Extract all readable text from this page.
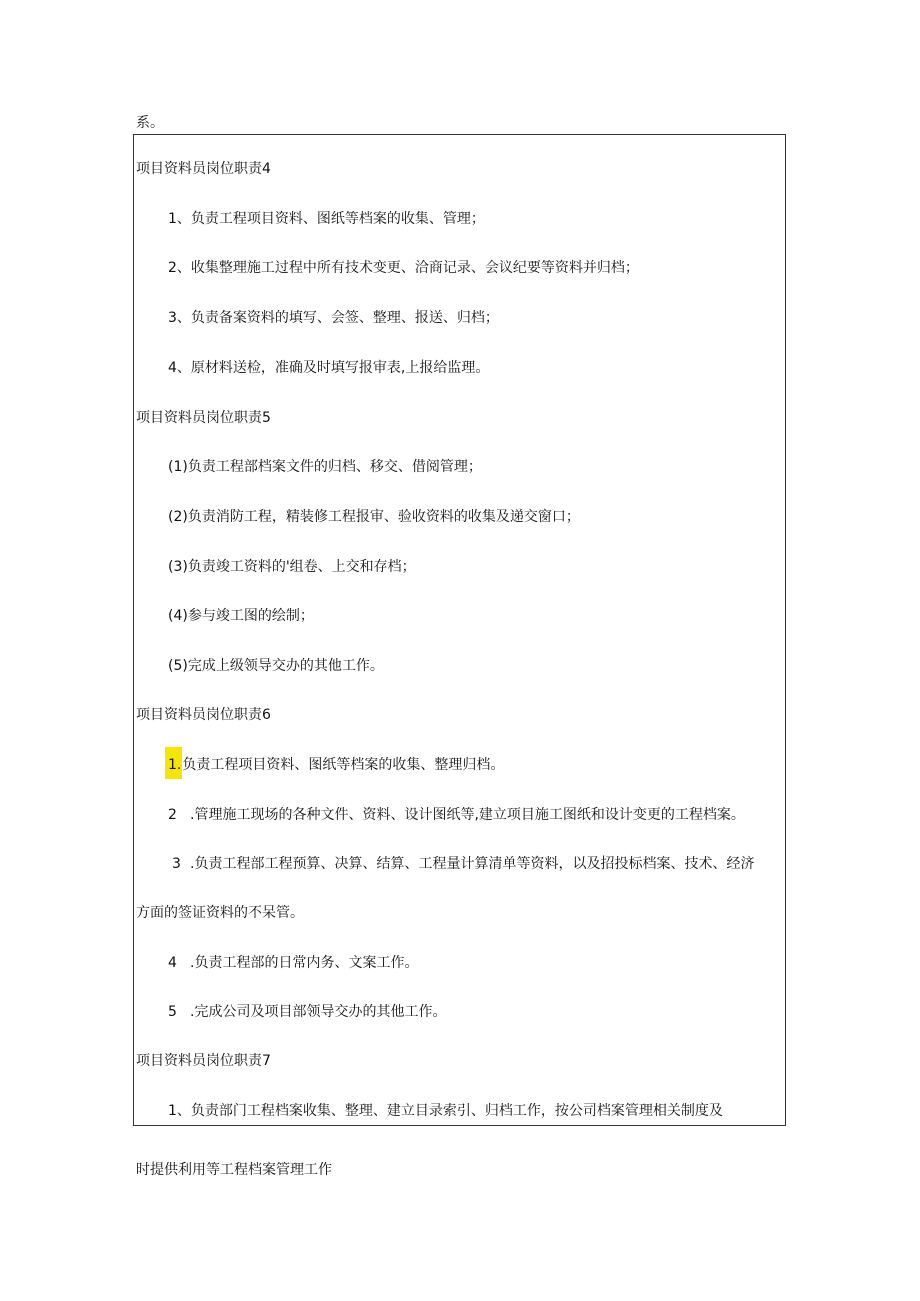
系。
项目资料员岗位职责4
1、负责工程项目资料、图纸等档案的收集、管理；
2、收集整理施工过程中所有技术变更、洽商记录、会议纪要等资料并归档；
3、负责备案资料的填写、会签、整理、报送、归档；
4、原材料送检，准确及时填写报审表,上报给监理。
项目资料员岗位职责5
(1)负责工程部档案文件的归档、移交、借阅管理；
(2)负责消防工程，精装修工程报审、验收资料的收集及递交窗口；
(3)负责竣工资料的'组卷、上交和存档；
(4)参与竣工图的绘制；
(5)完成上级领导交办的其他工作。
项目资料员岗位职责6
1.负责工程项目资料、图纸等档案的收集、整理归档。
2 .管理施工现场的各种文件、资料、设计图纸等,建立项目施工图纸和设计变更的工程档案。
3 .负责工程部工程预算、决算、结算、工程量计算清单等资料，以及招投标档案、技术、经济
方面的签证资料的不呆管。
4 .负责工程部的日常内务、文案工作。
5 .完成公司及项目部领导交办的其他工作。
项目资料员岗位职责7
1、负责部门工程档案收集、整理、建立目录索引、归档工作，按公司档案管理相关制度及
时提供利用等工程档案管理工作
